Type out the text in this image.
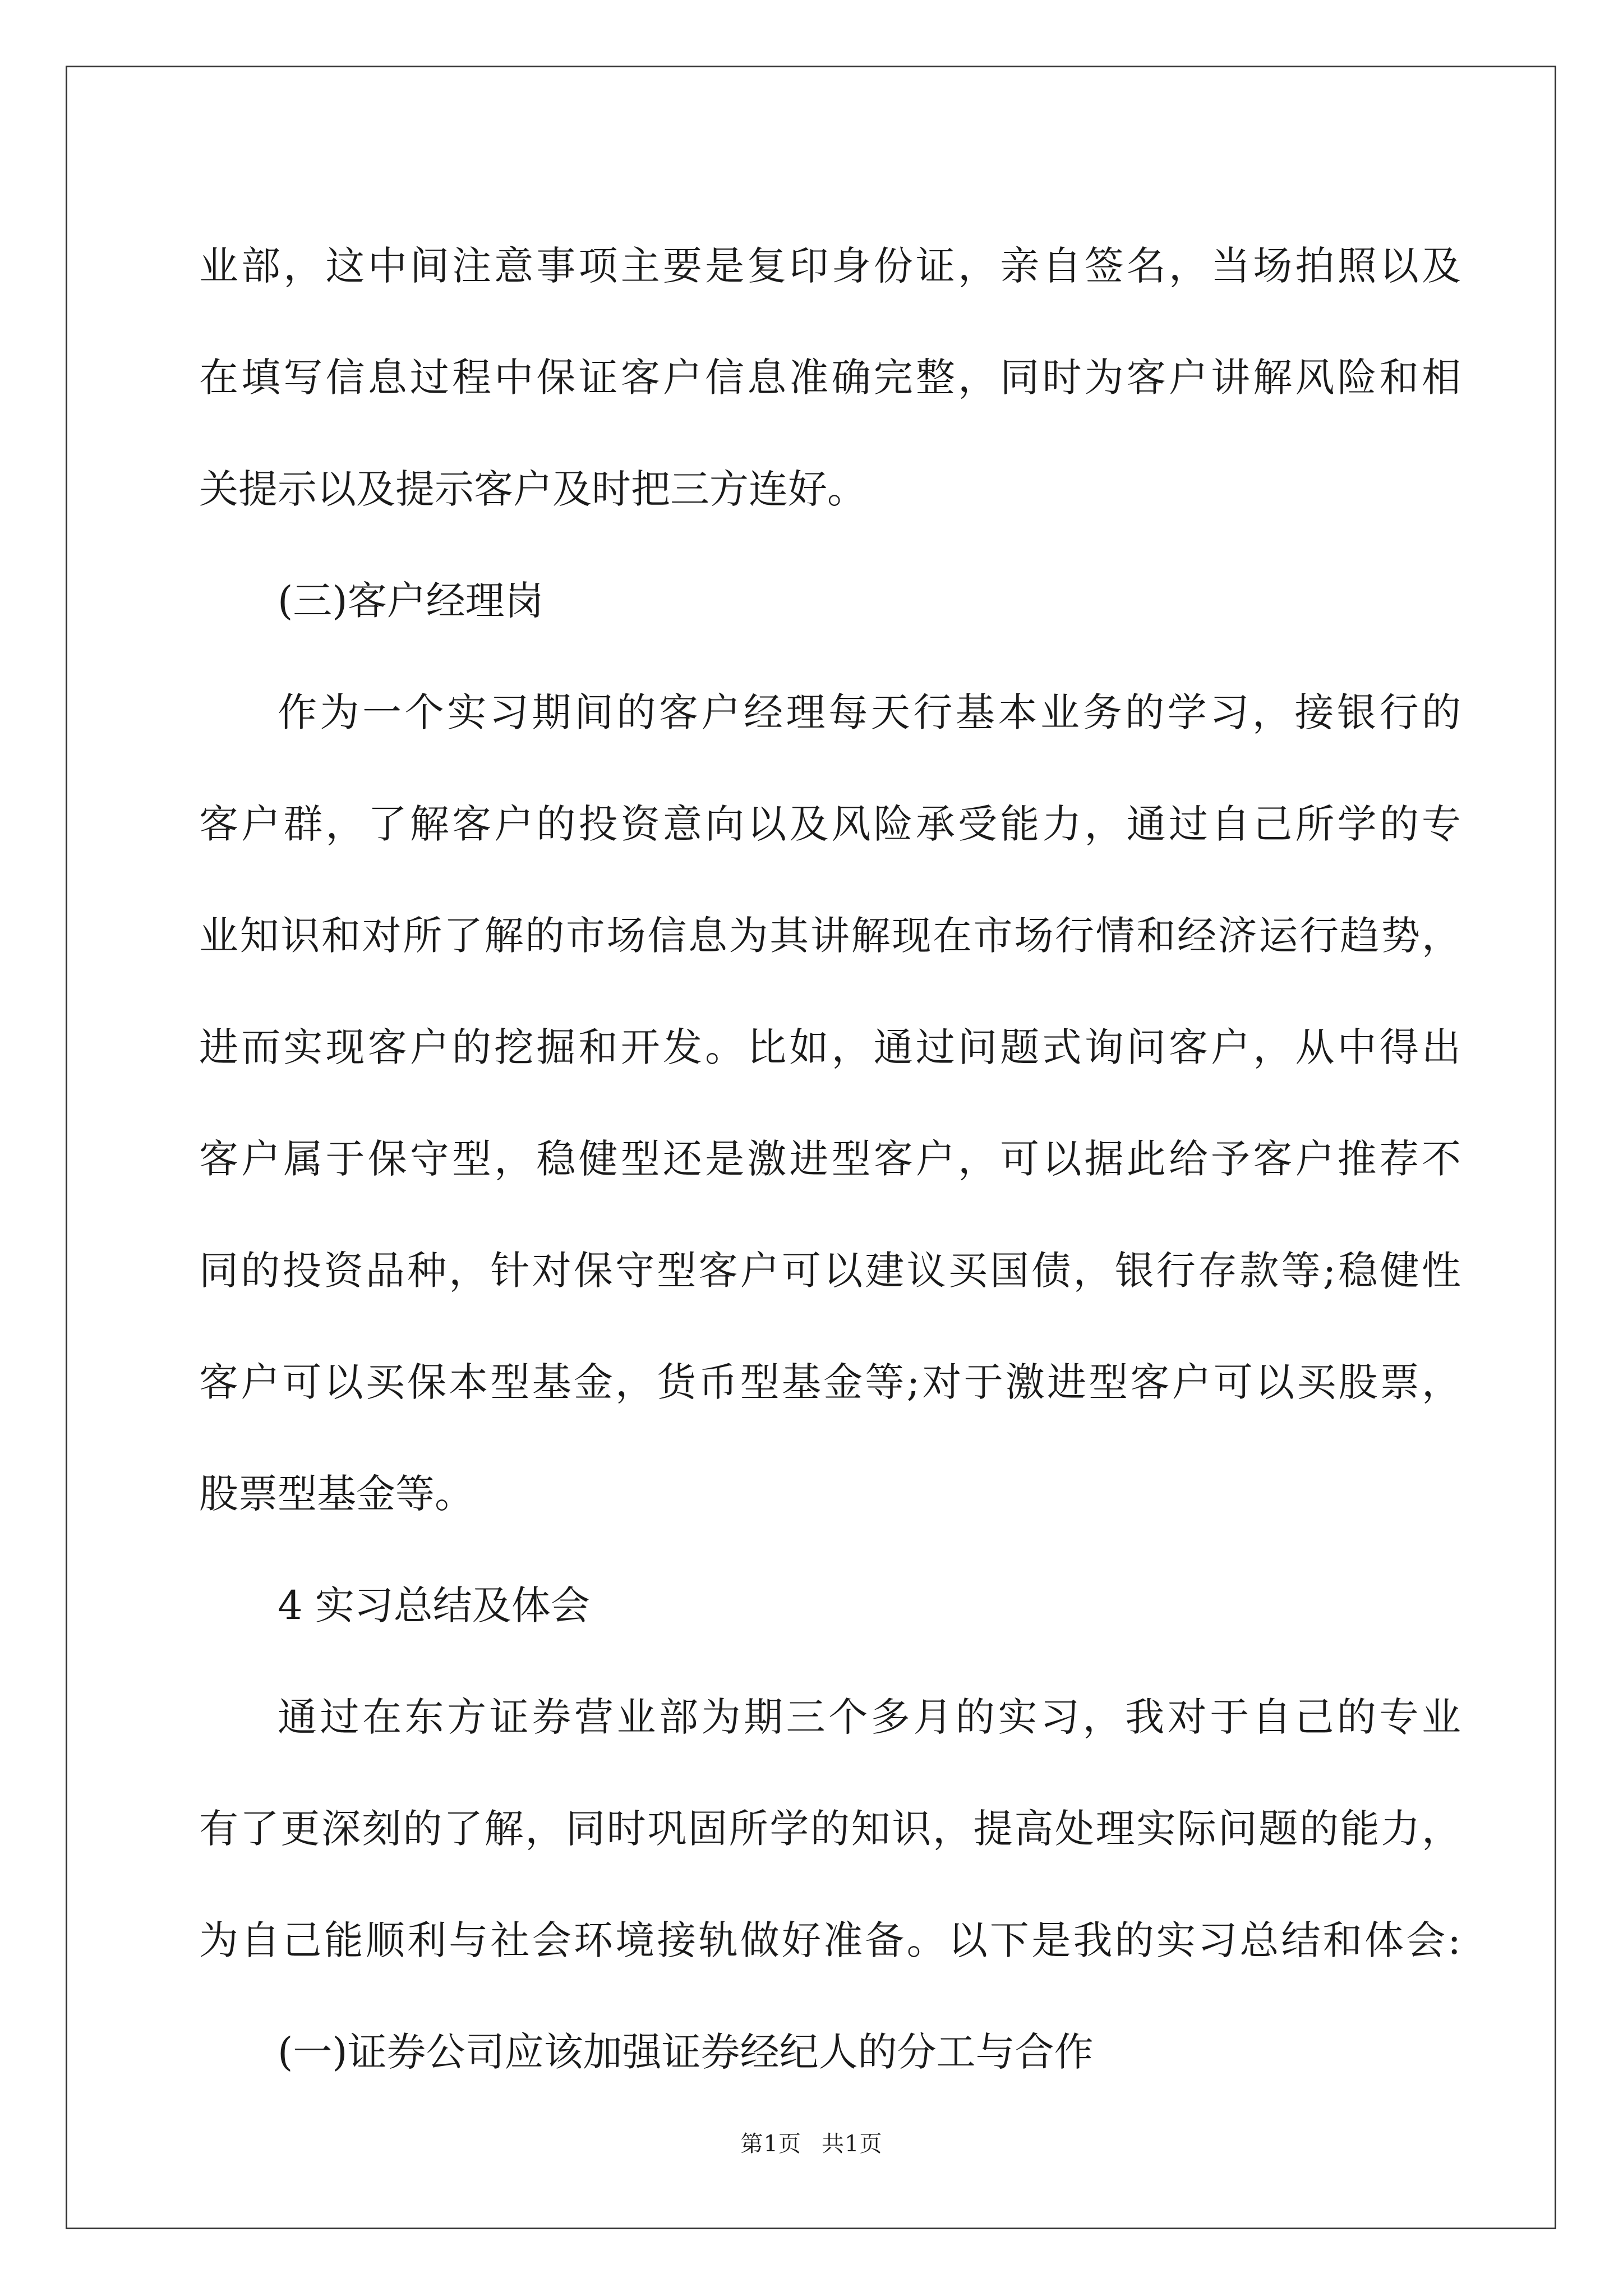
业部，这中间注意事项主要是复印身份证，亲自签名，当场拍照以及

在填写信息过程中保证客户信息准确完整，同时为客户讲解风险和相

关提示以及提示客户及时把三方连好。

(三)客户经理岗

作为一个实习期间的客户经理每天行基本业务的学习，接银行的

客户群，了解客户的投资意向以及风险承受能力，通过自己所学的专

业知识和对所了解的市场信息为其讲解现在市场行情和经济运行趋势，

进而实现客户的挖掘和开发。比如，通过问题式询问客户，从中得出

客户属于保守型，稳健型还是激进型客户，可以据此给予客户推荐不

同的投资品种，针对保守型客户可以建议买国债，银行存款等;稳健性

客户可以买保本型基金，货币型基金等;对于激进型客户可以买股票，

股票型基金等。

4 实习总结及体会

通过在东方证券营业部为期三个多月的实习，我对于自己的专业

有了更深刻的了解，同时巩固所学的知识，提高处理实际问题的能力，

为自己能顺利与社会环境接轨做好准备。以下是我的实习总结和体会:

(一)证券公司应该加强证券经纪人的分工与合作

第1页 共1页
